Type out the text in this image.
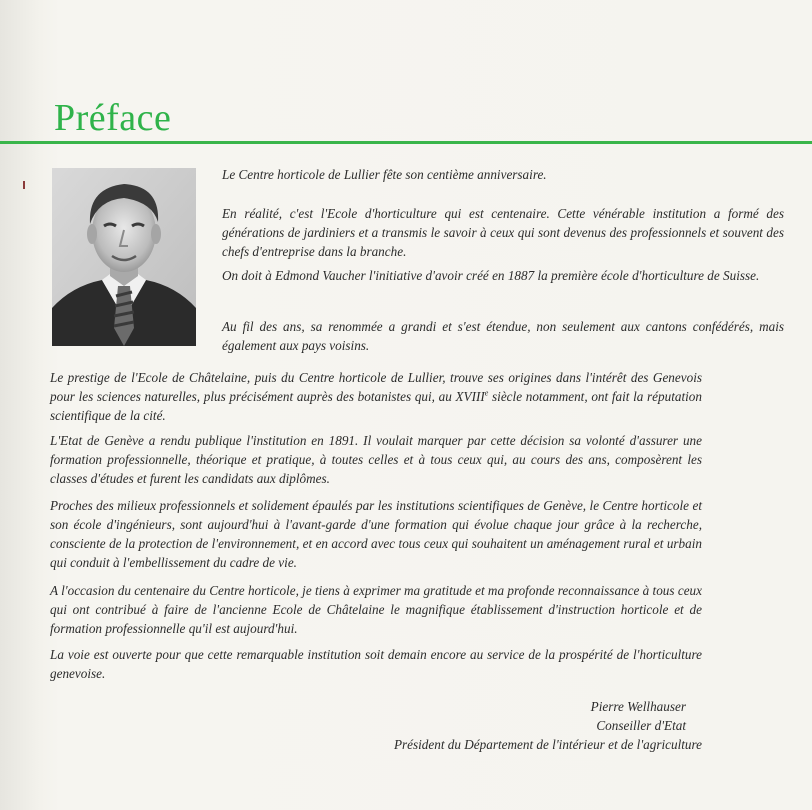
Préface

Le Centre horticole de Lullier fête son centième anniversaire.

En réalité, c'est l'Ecole d'horticulture qui est centenaire. Cette vénérable institution a formé des générations de jardiniers et a transmis le savoir à ceux qui sont devenus des professionnels et souvent des chefs d'entreprise dans la branche.

On doit à Edmond Vaucher l'initiative d'avoir créé en 1887 la première école d'horticulture de Suisse.

Au fil des ans, sa renommée a grandi et s'est étendue, non seulement aux cantons confédérés, mais également aux pays voisins.

Le prestige de l'Ecole de Châtelaine, puis du Centre horticole de Lullier, trouve ses origines dans l'intérêt des Genevois pour les sciences naturelles, plus précisément auprès des botanistes qui, au XVIIIe siècle notamment, ont fait la réputation scientifique de la cité.

L'Etat de Genève a rendu publique l'institution en 1891. Il voulait marquer par cette décision sa volonté d'assurer une formation professionnelle, théorique et pratique, à toutes celles et à tous ceux qui, au cours des ans, composèrent les classes d'études et furent les candidats aux diplômes.

Proches des milieux professionnels et solidement épaulés par les institutions scientifiques de Genève, le Centre horticole et son école d'ingénieurs, sont aujourd'hui à l'avant-garde d'une formation qui évolue chaque jour grâce à la recherche, consciente de la protection de l'environnement, et en accord avec tous ceux qui souhaitent un aménagement rural et urbain qui conduit à l'embellissement du cadre de vie.

A l'occasion du centenaire du Centre horticole, je tiens à exprimer ma gratitude et ma profonde reconnaissance à tous ceux qui ont contribué à faire de l'ancienne Ecole de Châtelaine le magnifique établissement d'instruction horticole et de formation professionnelle qu'il est aujourd'hui.

La voie est ouverte pour que cette remarquable institution soit demain encore au service de la prospérité de l'horticulture genevoise.

Pierre Wellhauser
Conseiller d'Etat
Président du Département de l'intérieur et de l'agriculture
